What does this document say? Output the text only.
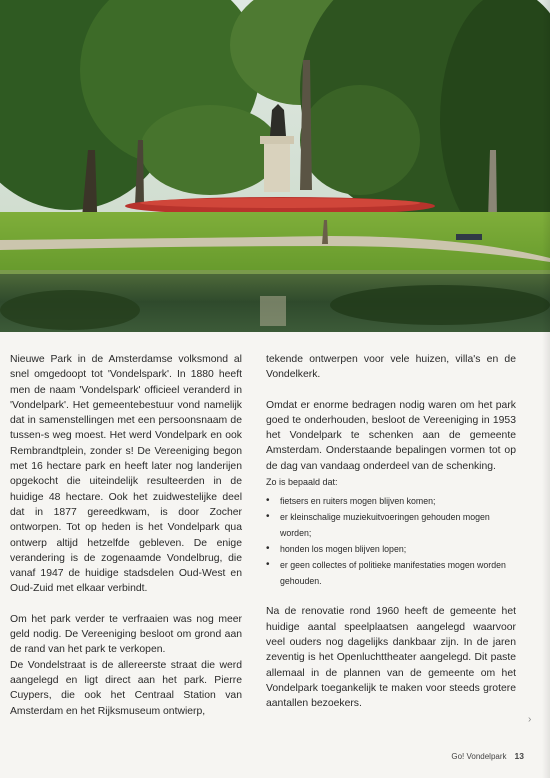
Nieuwe Park in de Amsterdamse volksmond al snel omgedoopt tot 'Vondelspark'. In 1880 heeft men de naam 'Vondelspark' officieel veranderd in 'Vondelpark'. Het gemeentebestuur vond namelijk dat in samenstellingen met een persoonsnaam de tussen-s weg moest. Het werd Vondelpark en ook Rembrandtplein, zonder s! De Vereeniging begon met 16 hectare park en heeft later nog landerijen opgekocht die uiteindelijk resulteerden in de huidige 48 hectare. Ook het zuidwestelijke deel dat in 1877 gereedkwam, is door Zocher ontworpen. Tot op heden is het Vondelpark qua ontwerp altijd hetzelfde gebleven. De enige verandering is de zogenaamde Vondelbrug, die vanaf 1947 de huidige stadsdelen Oud-West en Oud-Zuid met elkaar verbindt.

Om het park verder te verfraaien was nog meer geld nodig. De Vereeniging besloot om grond aan de rand van het park te verkopen.

De Vondelstraat is de allereerste straat die werd aangelegd en ligt direct aan het park. Pierre Cuypers, die ook het Centraal Station van Amsterdam en het Rijksmuseum ontwierp,

tekende ontwerpen voor vele huizen, villa's en de Vondelkerk.

Omdat er enorme bedragen nodig waren om het park goed te onderhouden, besloot de Vereeniging in 1953 het Vondelpark te schenken aan de gemeente Amsterdam. Onderstaande bepalingen vormen tot op de dag van vandaag onderdeel van de schenking.

Zo is bepaald dat:

• fietsers en ruiters mogen blijven komen;
• er kleinschalige muziekuitvoeringen gehouden mogen worden;
• honden los mogen blijven lopen;
• er geen collectes of politieke manifestaties mogen worden gehouden.

Na de renovatie rond 1960 heeft de gemeente het huidige aantal speelplaatsen aangelegd waarvoor veel ouders nog dagelijks dankbaar zijn. In de jaren zeventig is het Openluchttheater aangelegd. Dit paste allemaal in de plannen van de gemeente om het Vondelpark toegankelijk te maken voor steeds grotere aantallen bezoekers.

›
Go! Vondelpark 13
